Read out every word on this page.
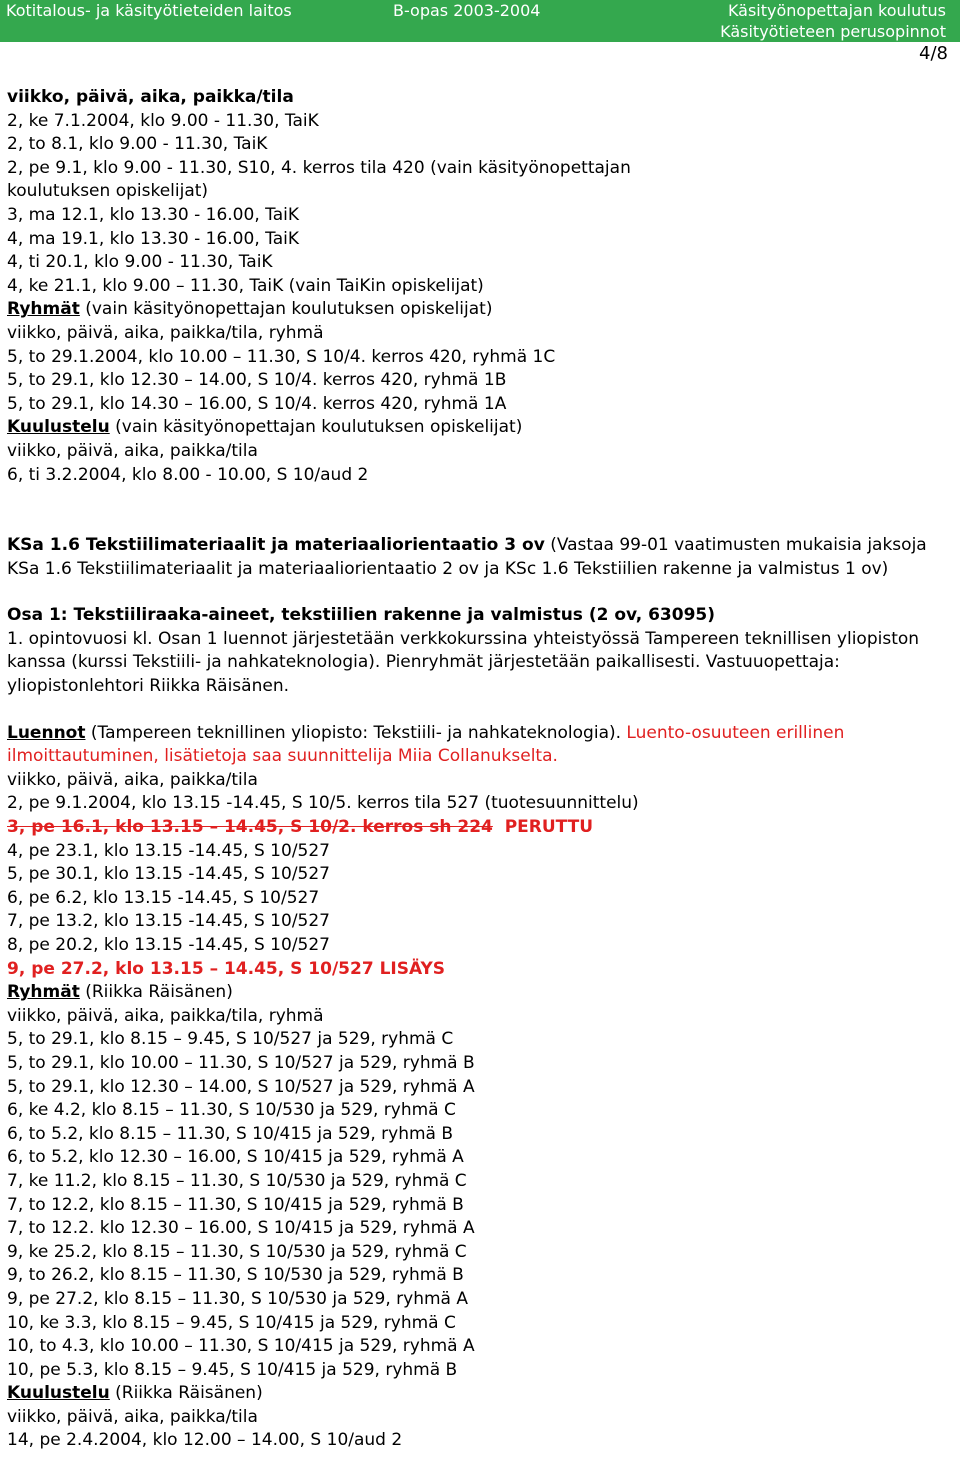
Kotitalous- ja käsityötieteiden laitos	B-opas 2003-2004	Käsityönopettajan koulutus
Käsityötieteen perusopinnot
4/8
viikko, päivä, aika, paikka/tila
2, ke 7.1.2004, klo 9.00 - 11.30, TaiK
2, to 8.1, klo 9.00 - 11.30, TaiK
2, pe 9.1, klo 9.00 - 11.30, S10, 4. kerros tila 420 (vain käsityönopettajan
koulutuksen opiskelijat)
3, ma 12.1, klo 13.30 - 16.00, TaiK
4, ma 19.1, klo 13.30 - 16.00, TaiK
4, ti 20.1, klo 9.00 - 11.30, TaiK
4, ke 21.1, klo 9.00 – 11.30, TaiK (vain TaiKin opiskelijat)
Ryhmät (vain käsityönopettajan koulutuksen opiskelijat)
viikko, päivä, aika, paikka/tila, ryhmä
5, to 29.1.2004, klo 10.00 – 11.30, S 10/4. kerros 420, ryhmä 1C
5, to 29.1, klo 12.30 – 14.00, S 10/4. kerros 420, ryhmä 1B
5, to 29.1, klo 14.30 – 16.00, S 10/4. kerros 420, ryhmä 1A
Kuulustelu (vain käsityönopettajan koulutuksen opiskelijat)
viikko, päivä, aika, paikka/tila
6, ti 3.2.2004, klo 8.00 - 10.00, S 10/aud 2
KSa 1.6 Tekstiilimateriaalit ja materiaaliorientaatio 3 ov (Vastaa 99-01 vaatimusten mukaisia jaksoja KSa 1.6 Tekstiilimateriaalit ja materiaaliorientaatio 2 ov ja KSc 1.6 Tekstiilien rakenne ja valmistus 1 ov)
Osa 1: Tekstiiliraaka-aineet, tekstiilien rakenne ja valmistus (2 ov, 63095)
1. opintovuosi kl. Osan 1 luennot järjestetään verkkokurssina yhteistyössä Tampereen teknillisen yliopiston kanssa (kurssi Tekstiili- ja nahkateknologia). Pienryhmät järjestetään paikallisesti. Vastuuopettaja: yliopistonlehtori Riikka Räisänen.
Luennot (Tampereen teknillinen yliopisto: Tekstiili- ja nahkateknologia). Luento-osuuteen erillinen ilmoittautuminen, lisätietoja saa suunnittelija Miia Collanukselta.
viikko, päivä, aika, paikka/tila
2, pe 9.1.2004, klo 13.15 -14.45, S 10/5. kerros tila 527 (tuotesuunnittelu)
3, pe 16.1, klo 13.15 – 14.45, S 10/2. kerros sh 224 PERUTTU
4, pe 23.1, klo 13.15 -14.45, S 10/527
5, pe 30.1, klo 13.15 -14.45, S 10/527
6, pe 6.2, klo 13.15 -14.45, S 10/527
7, pe 13.2, klo 13.15 -14.45, S 10/527
8, pe 20.2, klo 13.15 -14.45, S 10/527
9, pe 27.2, klo 13.15 – 14.45, S 10/527 LISÄYS
Ryhmät (Riikka Räisänen)
viikko, päivä, aika, paikka/tila, ryhmä
5, to 29.1, klo 8.15 – 9.45, S 10/527 ja 529, ryhmä C
5, to 29.1, klo 10.00 – 11.30, S 10/527 ja 529, ryhmä B
5, to 29.1, klo 12.30 – 14.00, S 10/527 ja 529, ryhmä A
6, ke 4.2, klo 8.15 – 11.30, S 10/530 ja 529, ryhmä C
6, to 5.2, klo 8.15 – 11.30, S 10/415 ja 529, ryhmä B
6, to 5.2, klo 12.30 – 16.00, S 10/415 ja 529, ryhmä A
7, ke 11.2, klo 8.15 – 11.30, S 10/530 ja 529, ryhmä C
7, to 12.2, klo 8.15 – 11.30, S 10/415 ja 529, ryhmä B
7, to 12.2. klo 12.30 – 16.00, S 10/415 ja 529, ryhmä A
9, ke 25.2, klo 8.15 – 11.30, S 10/530 ja 529, ryhmä C
9, to 26.2, klo 8.15 – 11.30, S 10/530 ja 529, ryhmä B
9, pe 27.2, klo 8.15 – 11.30, S 10/530 ja 529, ryhmä A
10, ke 3.3, klo 8.15 – 9.45, S 10/415 ja 529, ryhmä C
10, to 4.3, klo 10.00 – 11.30, S 10/415 ja 529, ryhmä A
10, pe 5.3, klo 8.15 – 9.45, S 10/415 ja 529, ryhmä B
Kuulustelu (Riikka Räisänen)
viikko, päivä, aika, paikka/tila
14, pe 2.4.2004, klo 12.00 – 14.00, S 10/aud 2
